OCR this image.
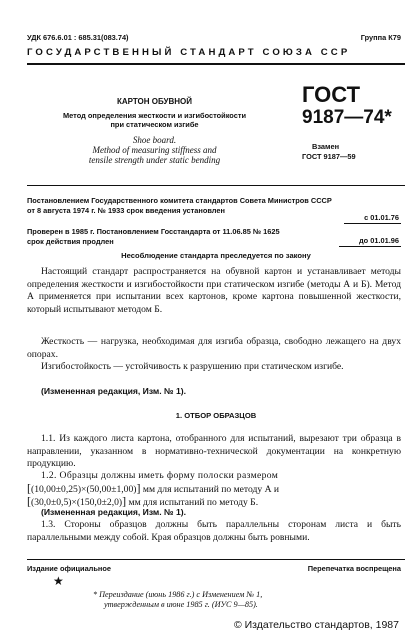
УДК 676.6.01 : 685.31(083.74)	Группа К79
ГОСУДАРСТВЕННЫЙ СТАНДАРТ СОЮЗА ССР
КАРТОН ОБУВНОЙ
Метод определения жесткости и изгибостойкости
при статическом изгибе
Shoe board.
Method of measuring stiffness and
tensile strength under static bending
ГОСТ
9187—74*
Взамен
ГОСТ 9187—59
Постановлением Государственного комитета стандартов Совета Министров СССР
от 8 августа 1974 г. № 1933 срок введения установлен
с 01.01.76
Проверен в 1985 г. Постановлением Госстандарта от 11.06.85 № 1625
срок действия продлен	до 01.01.96
Несоблюдение стандарта преследуется по закону
Настоящий стандарт распространяется на обувной картон и устанавливает методы определения жесткости и изгибостойкости при статическом изгибе (методы А и Б). Метод А применяется при испытании всех картонов, кроме картона повышенной жесткости, который испытывают методом Б.
Жесткость — нагрузка, необходимая для изгиба образца, свободно лежащего на двух опорах.
Изгибостойкость — устойчивость к разрушению при статическом изгибе.
(Измененная редакция, Изм. № 1).
1. ОТБОР ОБРАЗЦОВ
1.1. Из каждого листа картона, отобранного для испытаний, вырезают три образца в направлении, указанном в нормативно-технической документации на конкретную продукцию.
1.2. Образцы должны иметь форму полоски размером
[(10,00±0,25)×(50,00±1,00)] мм для испытаний по методу А и
[(30,0±0,5)×(150,0±2,0)] мм для испытаний по методу Б.
(Измененная редакция, Изм. № 1).
1.3. Стороны образцов должны быть параллельны сторонам листа и быть параллельными между собой. Края образцов должны быть ровными.
Издание официальное	Перепечатка воспрещена
★
* Переиздание (июнь 1986 г.) с Изменением № 1,
утвержденным в июне 1985 г. (ИУС 9—85).
© Издательство стандартов, 1987
